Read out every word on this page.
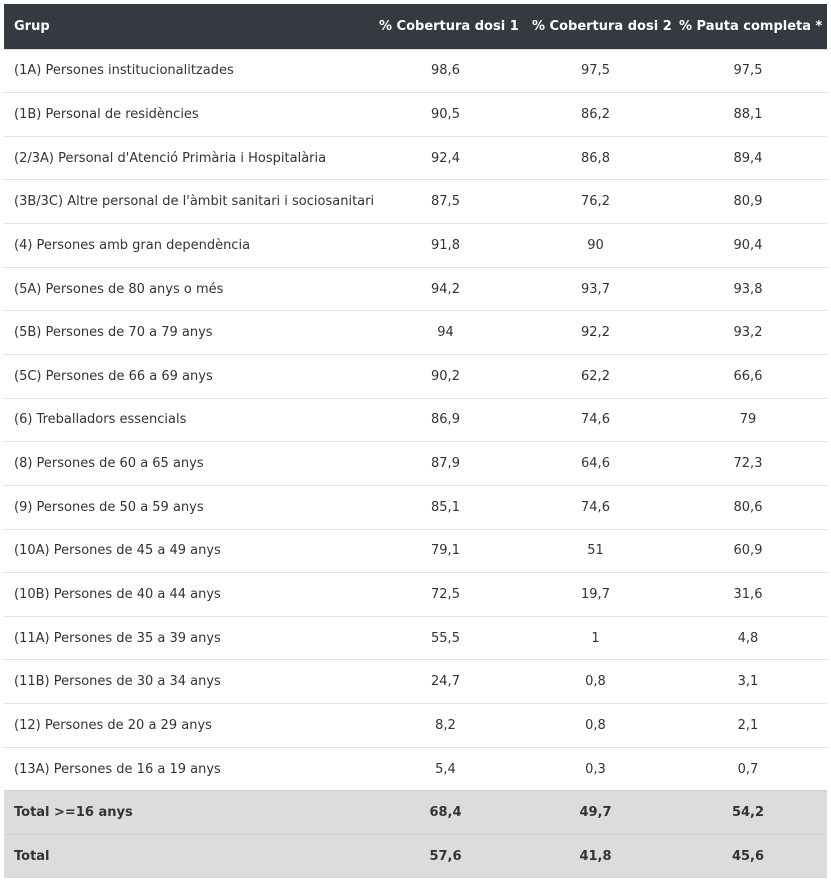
Grup	% Cobertura dosi 1	% Cobertura dosi 2	% Pauta completa *
(1A) Persones institucionalitzades	98,6	97,5	97,5
(1B) Personal de residències	90,5	86,2	88,1
(2/3A) Personal d'Atenció Primària i Hospitalària	92,4	86,8	89,4
(3B/3C) Altre personal de l'àmbit sanitari i sociosanitari	87,5	76,2	80,9
(4) Persones amb gran dependència	91,8	90	90,4
(5A) Persones de 80 anys o més	94,2	93,7	93,8
(5B) Persones de 70 a 79 anys	94	92,2	93,2
(5C) Persones de 66 a 69 anys	90,2	62,2	66,6
(6) Treballadors essencials	86,9	74,6	79
(8) Persones de 60 a 65 anys	87,9	64,6	72,3
(9) Persones de 50 a 59 anys	85,1	74,6	80,6
(10A) Persones de 45 a 49 anys	79,1	51	60,9
(10B) Persones de 40 a 44 anys	72,5	19,7	31,6
(11A) Persones de 35 a 39 anys	55,5	1	4,8
(11B) Persones de 30 a 34 anys	24,7	0,8	3,1
(12) Persones de 20 a 29 anys	8,2	0,8	2,1
(13A) Persones de 16 a 19 anys	5,4	0,3	0,7
Total >=16 anys	68,4	49,7	54,2
Total	57,6	41,8	45,6
